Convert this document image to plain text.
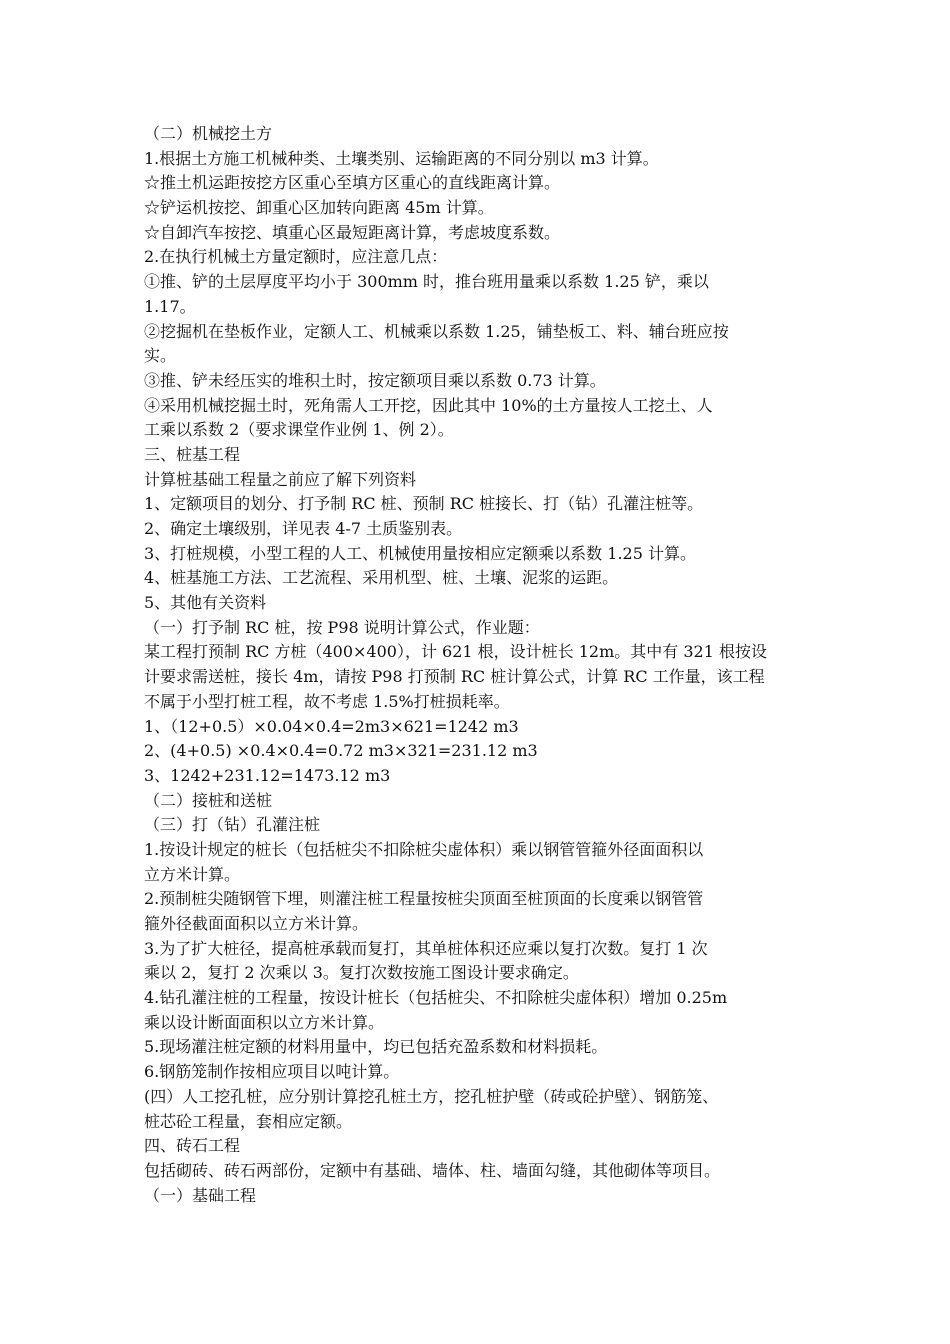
（二）机械挖土方
1.根据土方施工机械种类、土壤类别、运输距离的不同分别以 m3 计算。
☆推土机运距按挖方区重心至填方区重心的直线距离计算。
☆铲运机按挖、卸重心区加转向距离 45m 计算。
☆自卸汽车按挖、填重心区最短距离计算，考虑坡度系数。
2.在执行机械土方量定额时，应注意几点：
①推、铲的土层厚度平均小于 300mm 时，推台班用量乘以系数 1.25 铲，乘以
1.17。
②挖掘机在垫板作业，定额人工、机械乘以系数 1.25，铺垫板工、料、辅台班应按
实。
③推、铲未经压实的堆积土时，按定额项目乘以系数 0.73 计算。
④采用机械挖掘土时，死角需人工开挖，因此其中 10%的土方量按人工挖土、人
工乘以系数 2（要求课堂作业例 1、例 2）。
三、桩基工程
计算桩基础工程量之前应了解下列资料
1、定额项目的划分、打予制 RC 桩、预制 RC 桩接长、打（钻）孔灌注桩等。
2、确定土壤级别，详见表 4-7 土质鉴别表。
3、打桩规模，小型工程的人工、机械使用量按相应定额乘以系数 1.25 计算。
4、桩基施工方法、工艺流程、采用机型、桩、土壤、泥浆的运距。
5、其他有关资料
（一）打予制 RC 桩，按 P98 说明计算公式，作业题：
某工程打预制 RC 方桩（400×400），计 621 根，设计桩长 12m。其中有 321 根按设
计要求需送桩，接长 4m，请按 P98 打预制 RC 桩计算公式，计算 RC 工作量，该工程
不属于小型打桩工程，故不考虑 1.5%打桩损耗率。
1、（12+0.5）×0.04×0.4=2m3×621=1242 m3
2、(4+0.5) ×0.4×0.4=0.72 m3×321=231.12 m3
3、1242+231.12=1473.12 m3
（二）接桩和送桩
（三）打（钻）孔灌注桩
1.按设计规定的桩长（包括桩尖不扣除桩尖虚体积）乘以钢管管箍外径面面积以
立方米计算。
2.预制桩尖随钢管下埋，则灌注桩工程量按桩尖顶面至桩顶面的长度乘以钢管管
箍外径截面面积以立方米计算。
3.为了扩大桩径，提高桩承载而复打，其单桩体积还应乘以复打次数。复打 1 次
乘以 2，复打 2 次乘以 3。复打次数按施工图设计要求确定。
4.钻孔灌注桩的工程量，按设计桩长（包括桩尖、不扣除桩尖虚体积）增加 0.25m
乘以设计断面面积以立方米计算。
5.现场灌注桩定额的材料用量中，均已包括充盈系数和材料损耗。
6.钢筋笼制作按相应项目以吨计算。
(四）人工挖孔桩，应分别计算挖孔桩土方，挖孔桩护壁（砖或砼护壁）、钢筋笼、
桩芯砼工程量，套相应定额。
四、砖石工程
包括砌砖、砖石两部份，定额中有基础、墙体、柱、墙面勾缝，其他砌体等项目。
（一）基础工程
